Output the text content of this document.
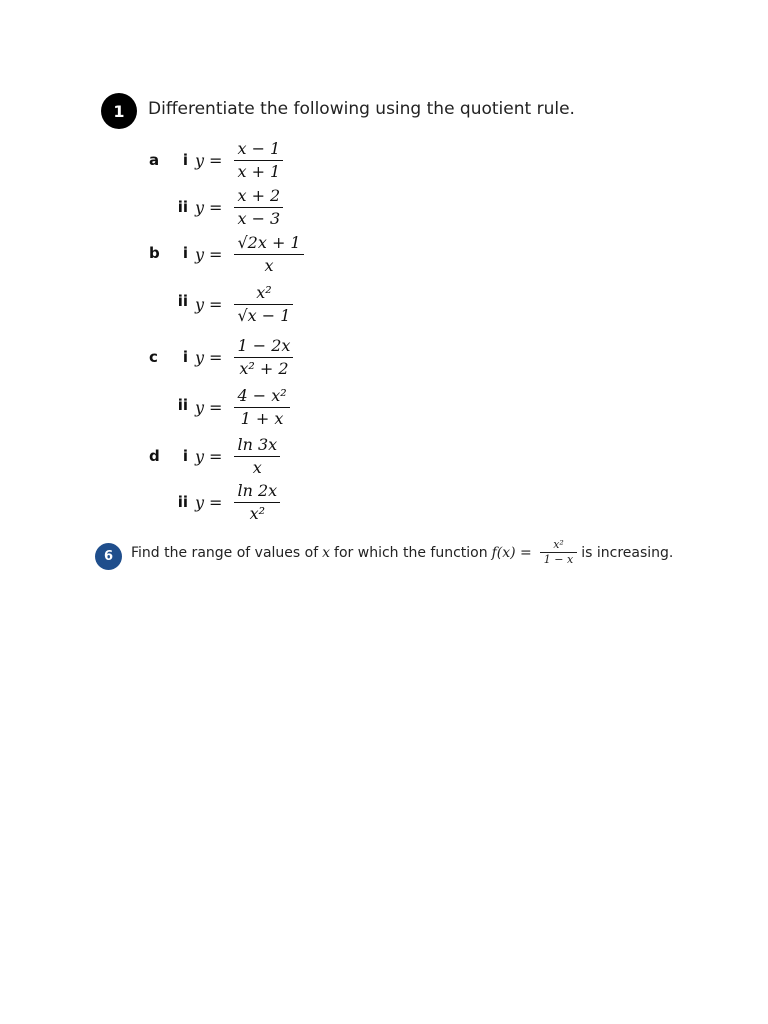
1	Differentiate the following using the quotient rule.
a	i $y = \frac{x - 1}{x + 1}$
ii $y = \frac{x + 2}{x - 3}$
b	i $y = \frac{√2x + 1}{x}$
ii $y = \frac{\text{x²}}{√x - 1}$
c	i $y = \frac{1 - 2x}{\text{x² + 2}}$
ii $y = \frac{\text{4 − x²}}{1 + x}$
d	i $y = \frac{\ln 3x}{x}$
ii $y = \frac{\ln 2x}{\text{x²}}$
6	Find the range of values of x for which the function f(x) = x²
1 − x is increasing.
